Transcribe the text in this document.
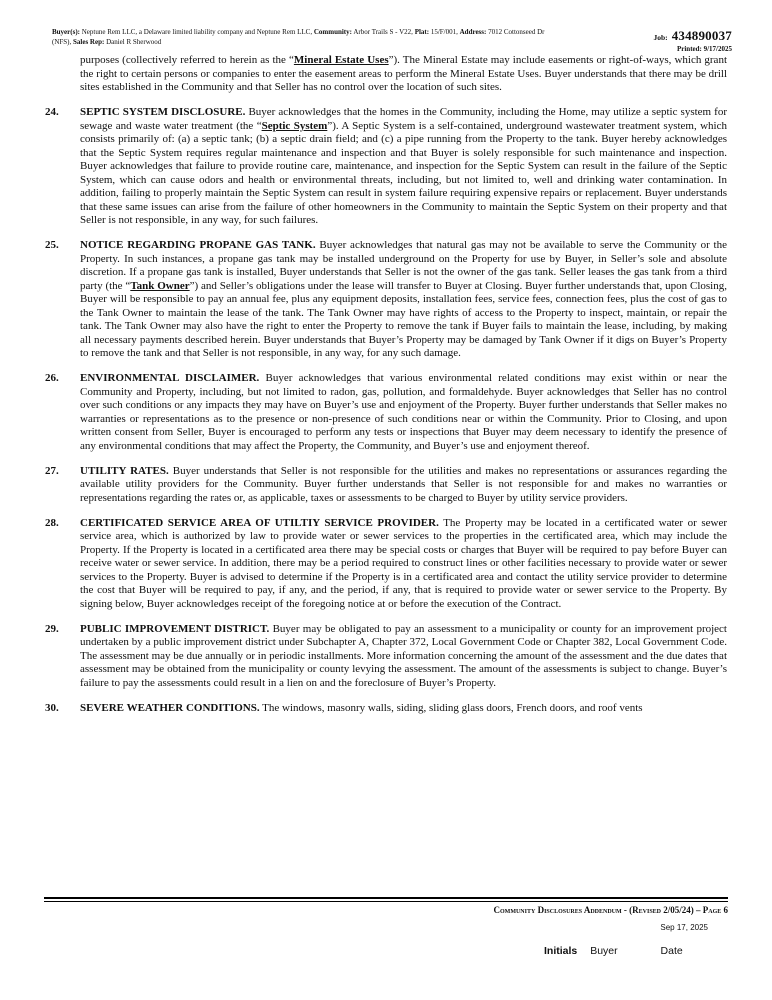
Buyer(s): Neptune Rem LLC, a Delaware limited liability company and Neptune Rem LLC, Community: Arbor Trails S - V22, Plat: 15/F/001, Address: 7012 Cottonseed Dr
(NFS), Sales Rep: Daniel R Sherwood	Job: 434890037
Printed: 9/17/2025

purposes (collectively referred to herein as the “Mineral Estate Uses”). The Mineral Estate may include easements or right-of-ways, which grant the right to certain persons or companies to enter the easement areas to perform the Mineral Estate Uses. Buyer understands that there may be drill sites established in the Community and that Seller has no control over the location of such sites.

24.	SEPTIC SYSTEM DISCLOSURE. Buyer acknowledges that the homes in the Community, including the Home, may utilize a septic system for sewage and waste water treatment (the “Septic System”). A Septic System is a self-contained, underground wastewater treatment system, which consists primarily of: (a) a septic tank; (b) a septic drain field; and (c) a pipe running from the Property to the tank. Buyer hereby acknowledges that the Septic System requires regular maintenance and inspection and that Buyer is solely responsible for such maintenance and inspection. Buyer acknowledges that failure to provide routine care, maintenance, and inspection for the Septic System can result in the failure of the Septic System, which can cause odors and health or environmental threats, including, but not limited to, well and drinking water contamination. In addition, failing to properly maintain the Septic System can result in system failure requiring expensive repairs or replacement. Buyer understands that these same issues can arise from the failure of other homeowners in the Community to maintain the Septic System on their property and that Seller is not responsible, in any way, for such failures.
25.	NOTICE REGARDING PROPANE GAS TANK. Buyer acknowledges that natural gas may not be available to serve the Community or the Property. In such instances, a propane gas tank may be installed underground on the Property for use by Buyer, in Seller’s sole and absolute discretion. If a propane gas tank is installed, Buyer understands that Seller is not the owner of the gas tank. Seller leases the gas tank from a third party (the “Tank Owner”) and Seller’s obligations under the lease will transfer to Buyer at Closing. Buyer further understands that, upon Closing, Buyer will be responsible to pay an annual fee, plus any equipment deposits, installation fees, service fees, connection fees, plus the cost of gas to the Tank Owner to maintain the lease of the tank. The Tank Owner may have rights of access to the Property to inspect, maintain, or repair the tank. The Tank Owner may also have the right to enter the Property to remove the tank if Buyer fails to maintain the lease, including, by making all necessary payments described herein. Buyer understands that Buyer’s Property may be damaged by Tank Owner if it digs on Buyer’s Property to remove the tank and that Seller is not responsible, in any way, for any such damage.
26.	ENVIRONMENTAL DISCLAIMER. Buyer acknowledges that various environmental related conditions may exist within or near the Community and Property, including, but not limited to radon, gas, pollution, and formaldehyde. Buyer acknowledges that Seller has no control over such conditions or any impacts they may have on Buyer’s use and enjoyment of the Property. Buyer further understands that Seller makes no warranties or representations as to the presence or non-presence of such conditions near or within the Community. Prior to Closing, and upon written consent from Seller, Buyer is encouraged to perform any tests or inspections that Buyer may deem necessary to identify the presence of any environmental conditions that may affect the Property, the Community, and Buyer’s use and enjoyment thereof.
27.	UTILITY RATES. Buyer understands that Seller is not responsible for the utilities and makes no representations or assurances regarding the available utility providers for the Community. Buyer further understands that Seller is not responsible for and makes no warranties or representations regarding the rates or, as applicable, taxes or assessments to be charged to Buyer by utility service providers.
28.	CERTIFICATED SERVICE AREA OF UTILTIY SERVICE PROVIDER. The Property may be located in a certificated water or sewer service area, which is authorized by law to provide water or sewer services to the properties in the certificated area, which may include the Property. If the Property is located in a certificated area there may be special costs or charges that Buyer will be required to pay before Buyer can receive water or sewer service. In addition, there may be a period required to construct lines or other facilities necessary to provide water or sewer services to the Property. Buyer is advised to determine if the Property is in a certificated area and contact the utility service provider to determine the cost that Buyer will be required to pay, if any, and the period, if any, that is required to provide water or sewer service to the Property. By signing below, Buyer acknowledges receipt of the foregoing notice at or before the execution of the Contract.
29.	PUBLIC IMPROVEMENT DISTRICT. Buyer may be obligated to pay an assessment to a municipality or county for an improvement project undertaken by a public improvement district under Subchapter A, Chapter 372, Local Government Code or Chapter 382, Local Government Code. The assessment may be due annually or in periodic installments. More information concerning the amount of the assessment and the due dates that assessment may be obtained from the municipality or county levying the assessment. The amount of the assessments is subject to change. Buyer’s failure to pay the assessments could result in a lien on and the foreclosure of Buyer’s Property.
30.	SEVERE WEATHER CONDITIONS. The windows, masonry walls, siding, sliding glass doors, French doors, and roof vents
Community Disclosures Addendum - (Revised 2/05/24) – Page 6
Sep 17, 2025
Initials Buyer	Date
